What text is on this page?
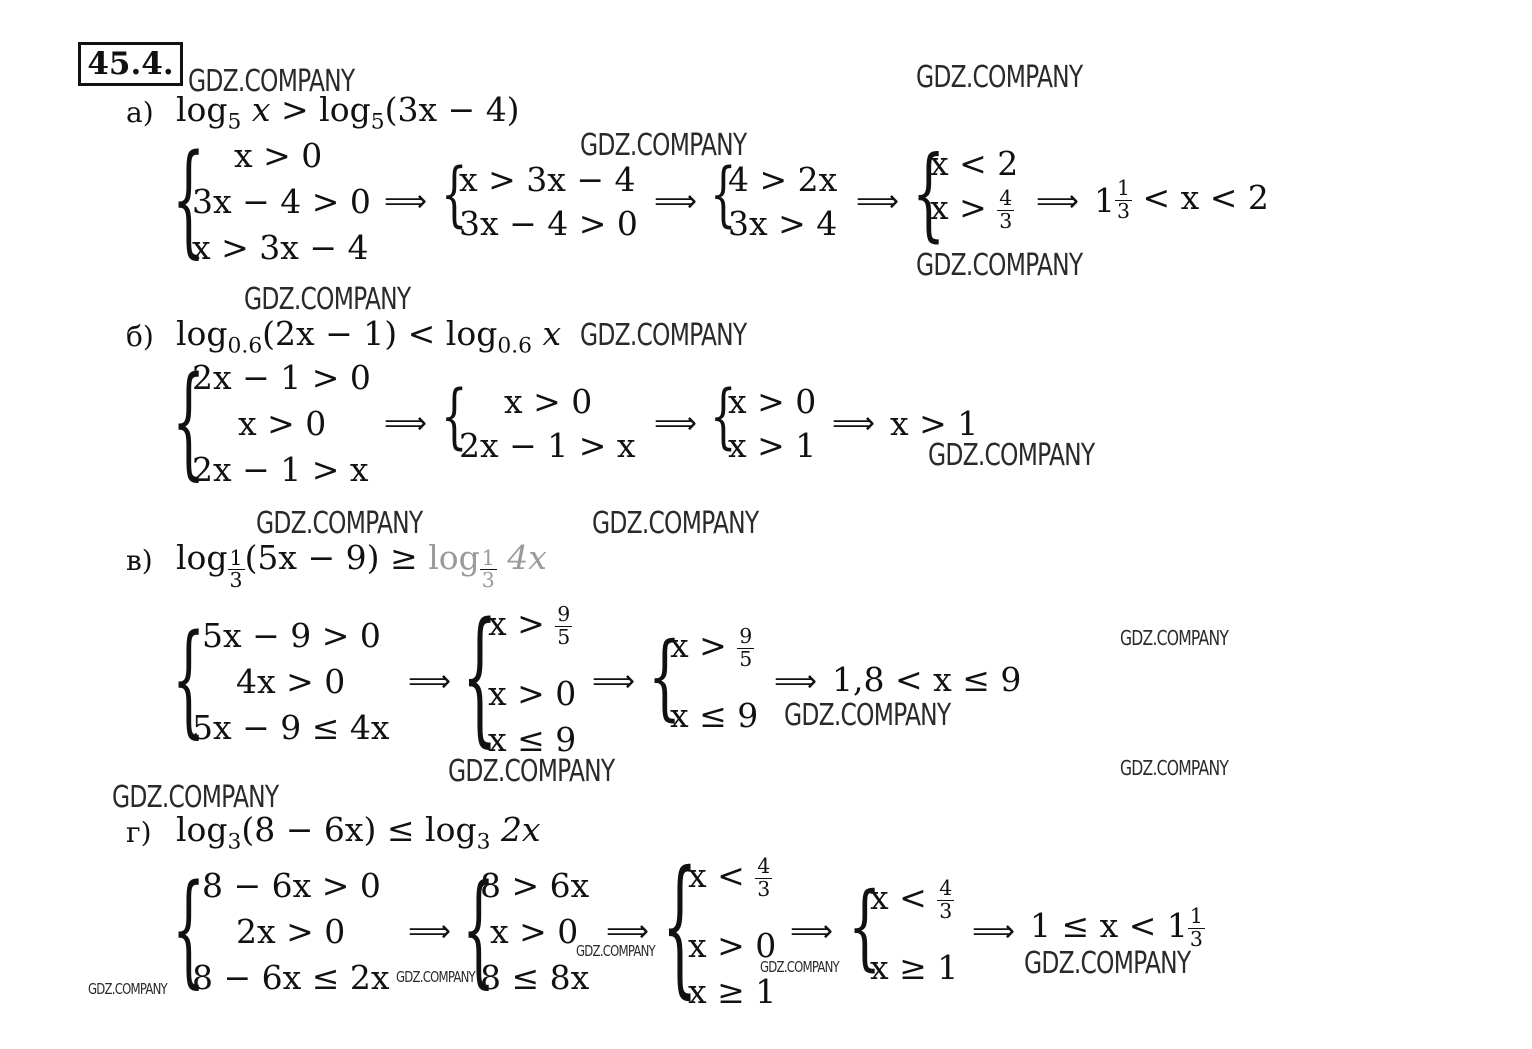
45.4.
а) $\log_5 x > \log_5(3x - 4)$
{ x > 0
3x − 4 > 0
x > 3x − 4
⟹ {
x > 3x − 4
3x − 4 > 0
⟹ {
4 > 2x
3x > 4
⟹ {
x < 2
$x > \frac{4}{3}$ ⟹ $1 \frac{1}{3} < x < 2$
б) $\log_{0.6}(2x - 1) < \log_{0.6} x$
{
2x − 1 > 0
x > 0
2x − 1 > x
⟹ { x > 0
2x − 1 > x
⟹ {
x > 0
x > 1
⟹ x > 1
в) $\log \frac{1}{3} (5x - 9) \ge \log \frac{1}{3} 4x$
{
5x − 9 > 0
4x > 0
5x − 9 ≤ 4x
⟹ {
$x > \frac{9}{5}$
x > 0
x ≤ 9
⟹ {
$x > \frac{9}{5}$
x ≤ 9
⟹ 1,8 < x ≤ 9
г) $\log_3(8 - 6x) \le \log_3 2x$
{
8 − 6x > 0
2x > 0
8 − 6x ≤ 2x
⟹ {
8 > 6x
x > 0
8 ≤ 8x
⟹ {
$x < \frac{4}{3}$
x > 0
x ≥ 1
⟹ {
$x < \frac{4}{3}$
x ≥ 1
⟹ $1 \le x < 1 \frac{1}{3}$
GDZ.COMPANY	GDZ.COMPANY
GDZ.COMPANY
GDZ.COMPANY
GDZ.COMPANY
GDZ.COMPANY
GDZ.COMPANY
GDZ.COMPANY	GDZ.COMPANY
GDZ.COMPANY
GDZ.COMPANY
GDZ.COMPANY	GDZ.COMPANY
GDZ.COMPANY
GDZ.COMPANY
GDZ.COMPANY	GDZ.COMPANY
GDZ.COMPANY
GDZ.COMPANY
